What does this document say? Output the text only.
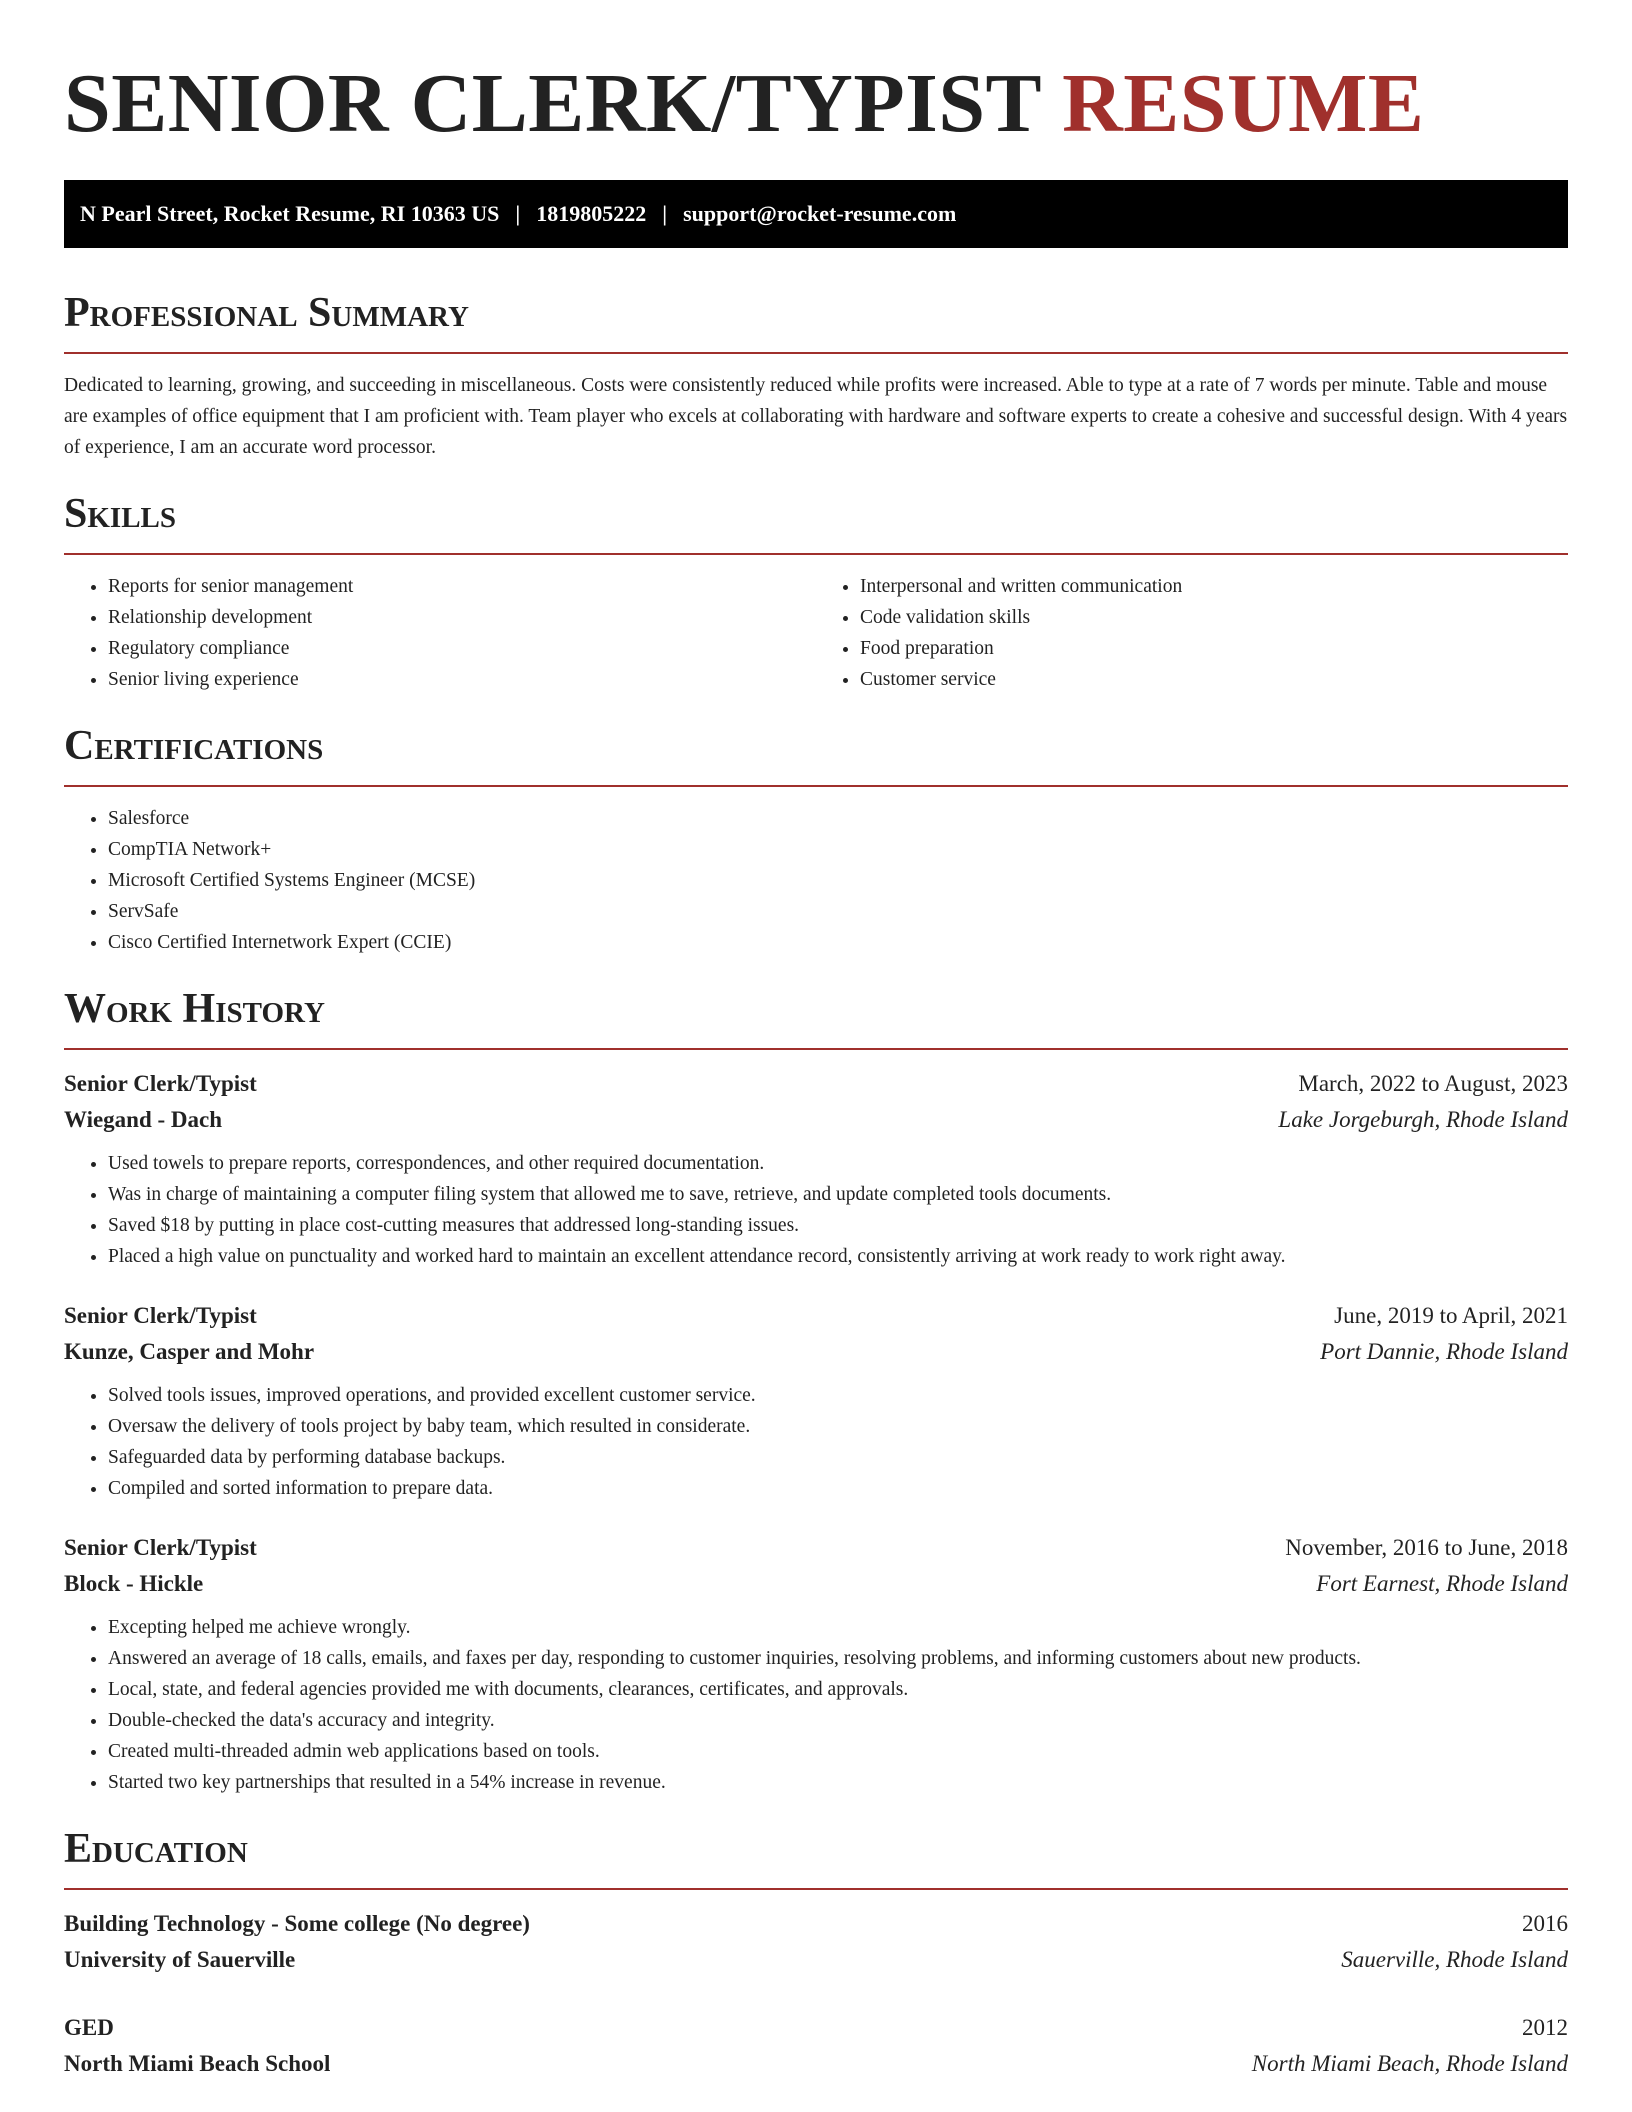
SENIOR CLERK/TYPIST RESUME
N Pearl Street, Rocket Resume, RI 10363 US | 1819805222 | support@rocket-resume.com
Professional Summary

Dedicated to learning, growing, and succeeding in miscellaneous. Costs were consistently reduced while profits were increased. Able to type at a rate of 7 words per minute. Table and mouse are examples of office equipment that I am proficient with. Team player who excels at collaborating with hardware and software experts to create a cohesive and successful design. With 4 years of experience, I am an accurate word processor.

Skills
• Reports for senior management
• Relationship development
• Regulatory compliance
• Senior living experience
• Interpersonal and written communication
• Code validation skills
• Food preparation
• Customer service
Certifications
• Salesforce
• CompTIA Network+
• Microsoft Certified Systems Engineer (MCSE)
• ServSafe
• Cisco Certified Internetwork Expert (CCIE)
Work History
Senior Clerk/Typist	March, 2022 to August, 2023
Wiegand - Dach	Lake Jorgeburgh, Rhode Island
• Used towels to prepare reports, correspondences, and other required documentation.
• Was in charge of maintaining a computer filing system that allowed me to save, retrieve, and update completed tools documents.
• Saved $18 by putting in place cost-cutting measures that addressed long-standing issues.
• Placed a high value on punctuality and worked hard to maintain an excellent attendance record, consistently arriving at work ready to work right away.
Senior Clerk/Typist	June, 2019 to April, 2021
Kunze, Casper and Mohr	Port Dannie, Rhode Island
• Solved tools issues, improved operations, and provided excellent customer service.
• Oversaw the delivery of tools project by baby team, which resulted in considerate.
• Safeguarded data by performing database backups.
• Compiled and sorted information to prepare data.
Senior Clerk/Typist	November, 2016 to June, 2018
Block - Hickle	Fort Earnest, Rhode Island
• Excepting helped me achieve wrongly.
• Answered an average of 18 calls, emails, and faxes per day, responding to customer inquiries, resolving problems, and informing customers about new products.
• Local, state, and federal agencies provided me with documents, clearances, certificates, and approvals.
• Double-checked the data's accuracy and integrity.
• Created multi-threaded admin web applications based on tools.
• Started two key partnerships that resulted in a 54% increase in revenue.
Education
Building Technology - Some college (No degree)	2016
University of Sauerville	Sauerville, Rhode Island
GED	2012
North Miami Beach School	North Miami Beach, Rhode Island
